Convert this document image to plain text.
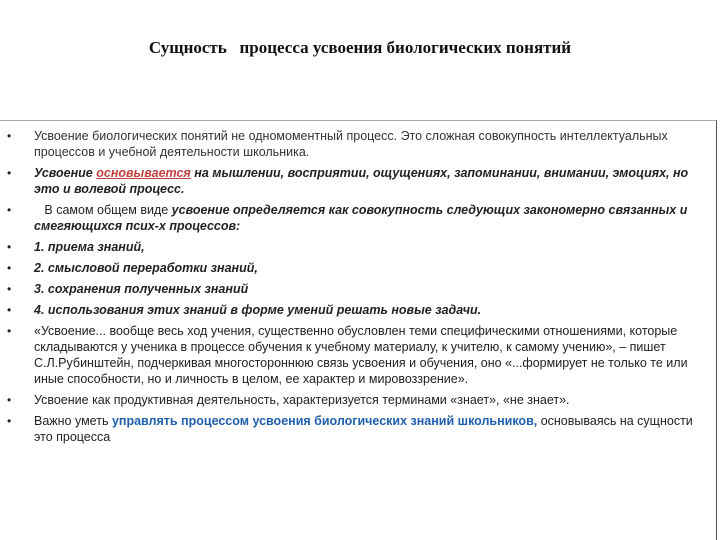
Сущность   процесса усвоения биологических понятий
• Усвоение биологических понятий не одномоментный процесс. Это сложная совокупность интеллектуальных процессов и учебной деятельности школьника.
• Усвоение основывается на мышлении, восприятии, ощущениях, запоминании, внимании, эмоциях, но это и волевой процесс.
• В самом общем виде усвоение определяется как совокупность следующих закономерно связанных и смегяющихся псих-х процессов:
• 1. приема знаний,
• 2. смысловой переработки знаний,
• 3. сохранения полученных знаний
• 4. использования этих знаний в форме умений решать новые задачи.
• «Усвоение... вообще весь ход учения, существенно обусловлен теми специфическими отношениями, которые складываются у ученика в процессе обучения к учебному материалу, к учителю, к самому учению», – пишет С.Л.Рубинштейн, подчеркивая многостороннюю связь усвоения и обучения, оно «...формирует не только те или иные способности, но и личность в целом, ее характер и мировоззрение».
• Усвоение как продуктивная деятельность, характеризуется терминами «знает», «не знает».
• Важно уметь управлять процессом усвоения биологических знаний школьников, основываясь на сущности это процесса
